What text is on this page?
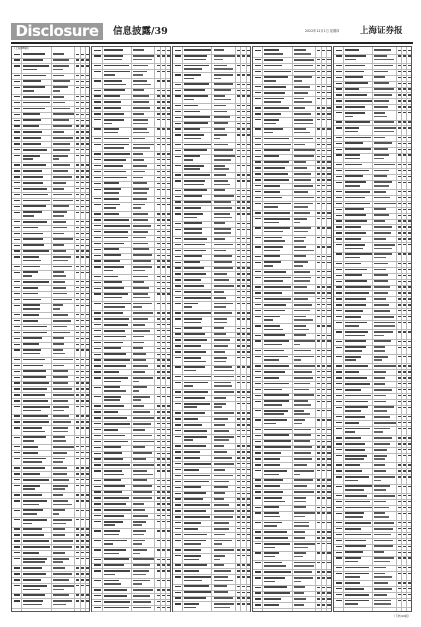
Disclosure 信息披露/39	2022年12月1日 星期四 上海证券报
（上接38版）
（下转40版）
